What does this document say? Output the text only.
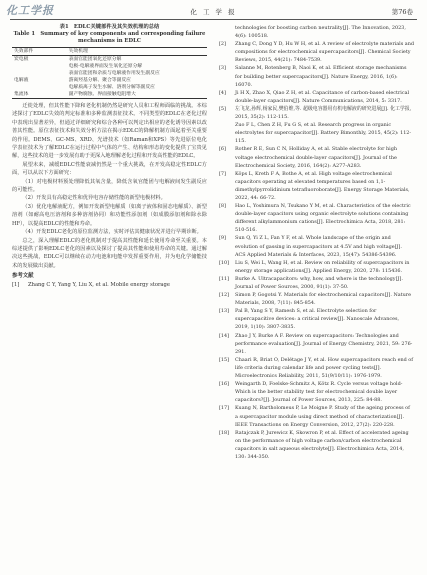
化工学报	化 工 学 报	第76卷
表1　EDLC关键部件及其失效机理的总结
Table 1　Summary of key components and corresponding failure mechanisms in EDLC
失效部件	失效机理
炭电极	表面官能团氧化还原分解
	电极-电解液界面发生氧化还原分解
	表面官能团和杂质与电解液作用发生副反应
电解液	游离羟基分解、聚合等副反应
	电解质离子发生水解、溶剂分解等副反应
集流体	副产物腐蚀、界面接触电阻增大

迁徙处理，但其性能下降和老化机制仍然是研究人员和工程师面临的挑战。本综述探讨了EDLC失效的判定标准和多种监测表征技术。不同类型的EDLC在老化过程中表现出显著差异，但通过详细研究和综合各种可以判定出相应的老化诱导因素以改善其性能。原位表征技术和失效分析方法在揭示EDLC的降解机制方面起着至关重要的作用。DEMS、GC-MS、XRD、光谱技术（如Raman和XPS）等先进原位电化学表征技术为了解EDLC在运行过程中气体的产生、结构和形态的变化提供了宝贵见解，这些技术的进一步发展有助于更深入地理解老化过程和开发高性能的EDLC。

展望未来，减缓EDLC性能衰减仍然是一个重大挑战，在开发高稳定性EDLC方面，可以从以下方面研究：

（1）对电极材料预处理降低其氧含量，降低含氧官能团与电解液间发生副反应的可能性。

（2）开发具有高稳定性和优异电容存储性能的新型电极材料。

（3）优化电解液配方，例如开发新型电解质（如离子液体和固态电解质）、新型溶剂（如耐高电压溶剂和多种溶剂协同）和功能性添加剂（如成膜添加剂和除水除HF），以提高EDLC的性能和寿命。

（4）开发EDLC老化的原位监测方法，实时评估其健康状况并进行早期诊断。

总之，深入理解EDLC的老化机制对于提高其性能和延长使用寿命至关重要。本综述提供了影响EDLC老化的因素以及探讨了提高其性能和使用寿命的关键。通过解决这些挑战，EDLC可以继续在动力电池和电能中发挥重要作用，并为电化学储能技术的发展做出贡献。

参考文献

[1] Zhang C Y, Yang Y, Liu X, et al. Mobile energy storage

technologies for boosting carbon neutrality[J]. The Innovation, 2023, 4(6): 100518.

[2] Zhang C, Dong Y D, Hu W H, et al. A review of electrolyte materials and compositions for electrochemical supercapacitors[J]. Chemical Society Reviews, 2015, 44(21): 7484-7539.

[3] Salanne M, Rotenberg B, Naoi K, et al. Efficient storage mechanisms for building better supercapacitors[J]. Nature Energy, 2016, 1(6): 16070.

[4] Ji H X, Zhao X, Qiao Z H, et al. Capacitance of carbon-based electrical double-layer capacitors[J]. Nature Communications, 2014, 5: 3317.

[5] 左飞龙,孙辉,杨家民,樊伯维,等. 超级电容器用有机电解液的研究进展[J]. 化工学报, 2015, 35(2): 112-115.

Zuo F L, Chen Z H, Fu G S, et al. Research progress in organic electrolytes for supercapacitor[J]. Battery Bimonthly, 2015, 45(2): 112-115.

[6] Rother R E, Sun C N, Holliday A, et al. Stable electrolyte for high voltage electrochemical double-layer capacitors[J]. Journal of the Electrochemical Society, 2016, 164(2): A277-A283.

[7] Köps L, Kreth F A, Bothe A, et al. High voltage electrochemical capacitors operating at elevated temperatures based on 1,1-dimethylpyrrolidinium tetrafluoroborate[J]. Energy Storage Materials, 2022, 44: 66-72.

[8] Hao L, Yoshimura N, Tsukano Y M, et al. Characteristics of the electric double-layer capacitors using organic electrolyte solutions containing different alkylammonium cations[J]. Electrochimica Acta, 2018, 281: 510-516.

[9] Sun Q, Yi Z L, Fan Y F, et al. Whole landscape of the origin and evolution of gassing in supercapacitors at 4.5V and high voltage[J]. ACS Applied Materials & Interfaces, 2023, 15(47): 54386-54396.

[10] Liu S, Wei L, Wang H, et al. Review on reliability of supercapacitors in energy storage applications[J]. Applied Energy, 2020, 278: 115436.

[11] Burke A. Ultracapacitors: why, how, and where is the technology[J]. Journal of Power Sources, 2000, 91(1): 37-50.

[12] Simon P, Gogotsi Y. Materials for electrochemical capacitors[J]. Nature Materials, 2008, 7(11): 845-854.

[13] Pal B, Yang S Y, Ramesh S, et al. Electrolyte selection for supercapacitive devices: a critical review[J]. Nanoscale Advances, 2019, 1(10): 3807-3835.

[14] Zhao J Y, Burke A F. Review on supercapacitors: Technologies and performance evaluation[J]. Journal of Energy Chemistry, 2021, 59: 276-291.

[15] Chaari R, Briat O, Delétage J Y, et al. How supercapacitors reach end of life criteria during calendar life and power cycling tests[J]. Microelectronics Reliability, 2011, 51(9/10/11): 1976-1979.

[16] Weingarth D, Foelske-Schmitz A, Kötz R. Cycle versus voltage hold-Which is the better stability test for electrochemical double layer capacitors?[J]. Journal of Power Sources, 2013, 225: 84-88.

[17] Kuang N, Bartholomeus P, Le Moigne P. Study of the ageing process of a supercapacitor module using direct method of characterization[J]. IEEE Transactions on Energy Conversion, 2012, 27(2): 220-228.

[18] Ratajczak P, Jurewicz K, Skowron P, et al. Effect of accelerated ageing on the performance of high voltage carbon/carbon electrochemical capacitors in salt aqueous electrolyte[J]. Electrochimica Acta, 2014, 130: 344-350.
